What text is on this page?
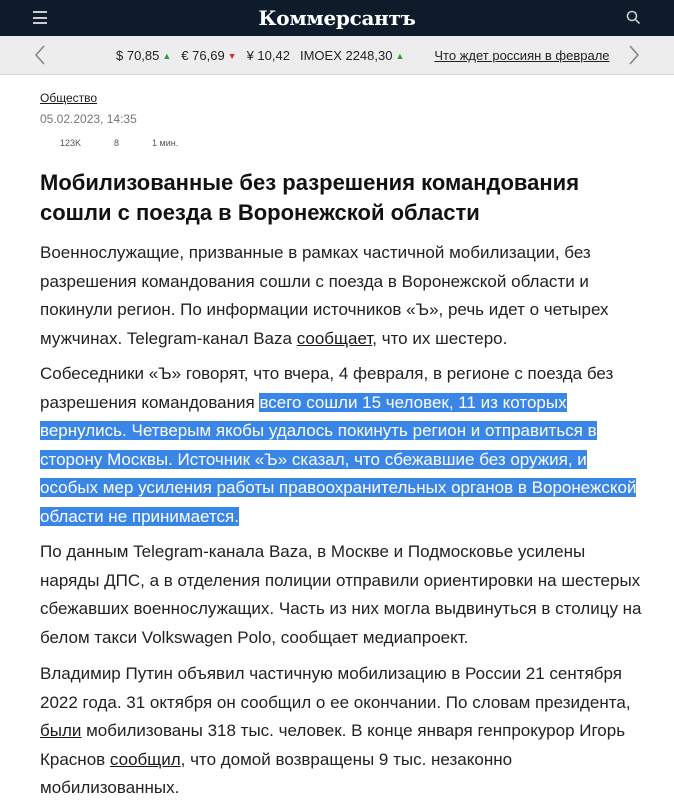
Коммерсантъ
$ 70,85 ▲ € 76,69 ▼ ¥ 10,42 IMOEX 2248,30 ▲ Что ждет россиян в феврале
Общество
05.02.2023, 14:35
123K	8	1 мин.
Мобилизованные без разрешения командования сошли с поезда в Воронежской области

Военнослужащие, призванные в рамках частичной мобилизации, без разрешения командования сошли с поезда в Воронежской области и покинули регион. По информации источников «Ъ», речь идет о четырех мужчинах. Telegram-канал Baza сообщает, что их шестеро.

Собеседники «Ъ» говорят, что вчера, 4 февраля, в регионе с поезда без разрешения командования всего сошли 15 человек, 11 из которых вернулись. Четверым якобы удалось покинуть регион и отправиться в сторону Москвы. Источник «Ъ» сказал, что сбежавшие без оружия, и особых мер усиления работы правоохранительных органов в Воронежской области не принимается.

По данным Telegram-канала Baza, в Москве и Подмосковье усилены наряды ДПС, а в отделения полиции отправили ориентировки на шестерых сбежавших военнослужащих. Часть из них могла выдвинуться в столицу на белом такси Volkswagen Polo, сообщает медиапроект.

Владимир Путин объявил частичную мобилизацию в России 21 сентября 2022 года. 31 октября он сообщил о ее окончании. По словам президента, были мобилизованы 318 тыс. человек. В конце января генпрокурор Игорь Краснов сообщил, что домой возвращены 9 тыс. незаконно мобилизованных.
